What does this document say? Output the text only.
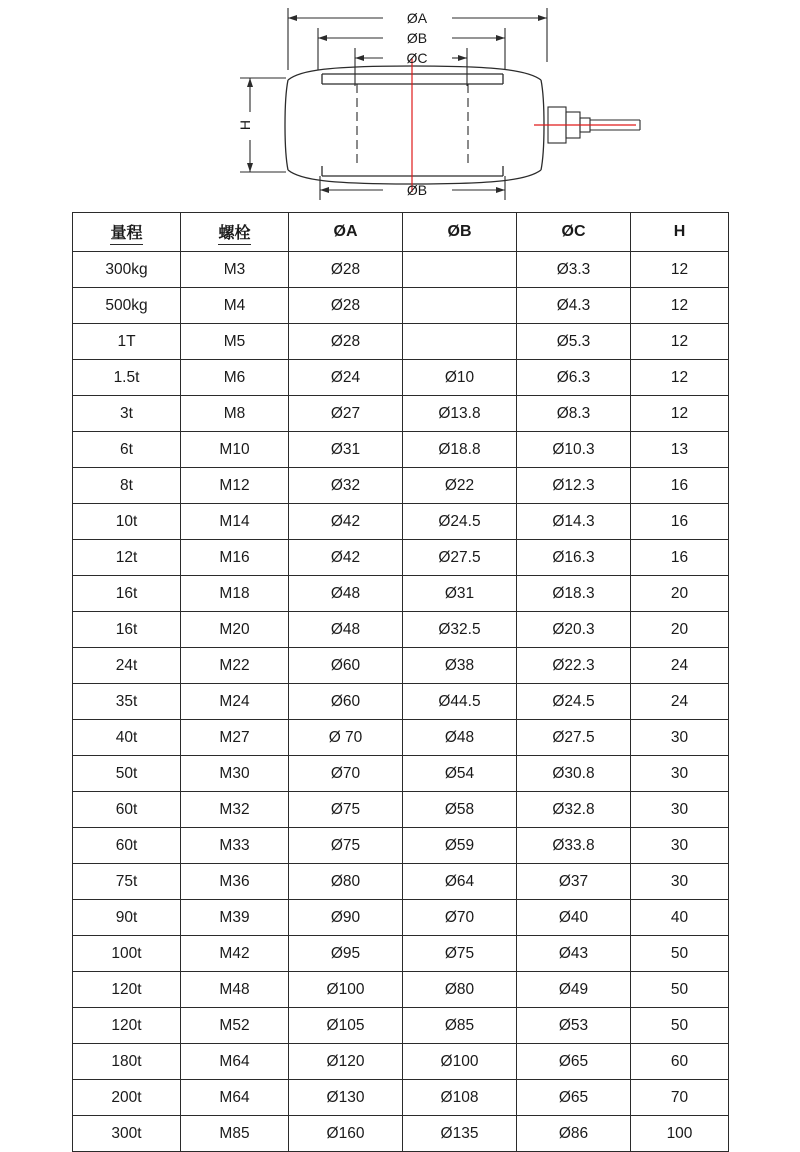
ØA
ØB
ØC
ØB
H
量程	螺栓	ØA	ØB	ØC	H
300kg	M3	Ø28		Ø3.3	12
500kg	M4	Ø28		Ø4.3	12
1T	M5	Ø28		Ø5.3	12
1.5t	M6	Ø24	Ø10	Ø6.3	12
3t	M8	Ø27	Ø13.8	Ø8.3	12
6t	M10	Ø31	Ø18.8	Ø10.3	13
8t	M12	Ø32	Ø22	Ø12.3	16
10t	M14	Ø42	Ø24.5	Ø14.3	16
12t	M16	Ø42	Ø27.5	Ø16.3	16
16t	M18	Ø48	Ø31	Ø18.3	20
16t	M20	Ø48	Ø32.5	Ø20.3	20
24t	M22	Ø60	Ø38	Ø22.3	24
35t	M24	Ø60	Ø44.5	Ø24.5	24
40t	M27	Ø 70	Ø48	Ø27.5	30
50t	M30	Ø70	Ø54	Ø30.8	30
60t	M32	Ø75	Ø58	Ø32.8	30
60t	M33	Ø75	Ø59	Ø33.8	30
75t	M36	Ø80	Ø64	Ø37	30
90t	M39	Ø90	Ø70	Ø40	40
100t	M42	Ø95	Ø75	Ø43	50
120t	M48	Ø100	Ø80	Ø49	50
120t	M52	Ø105	Ø85	Ø53	50
180t	M64	Ø120	Ø100	Ø65	60
200t	M64	Ø130	Ø108	Ø65	70
300t	M85	Ø160	Ø135	Ø86	100
